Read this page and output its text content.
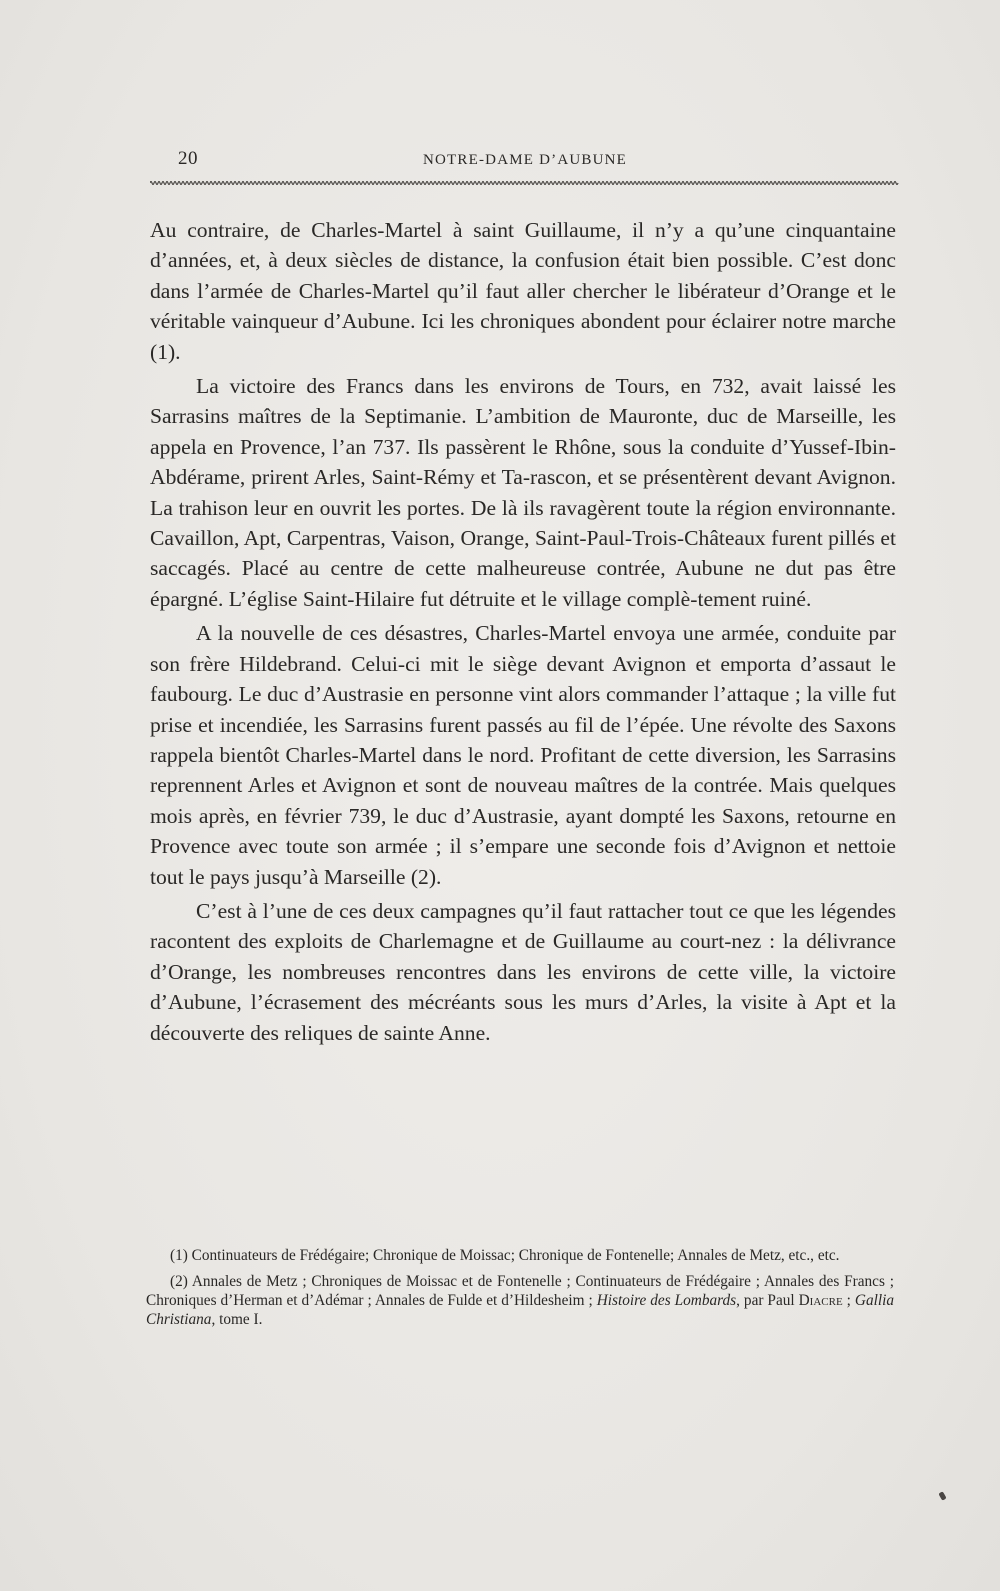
20	NOTRE-DAME D’AUBUNE

Au contraire, de Charles-Martel à saint Guillaume, il n’y a qu’une cinquantaine d’années, et, à deux siècles de distance, la confusion était bien possible. C’est donc dans l’armée de Charles-Martel qu’il faut aller chercher le libérateur d’Orange et le véritable vainqueur d’Aubune. Ici les chroniques abondent pour éclairer notre marche (1).

La victoire des Francs dans les environs de Tours, en 732, avait laissé les Sarrasins maîtres de la Septimanie. L’ambition de Mauronte, duc de Marseille, les appela en Provence, l’an 737. Ils passèrent le Rhône, sous la conduite d’Yussef-Ibin-Abdérame, prirent Arles, Saint-Rémy et Ta-rascon, et se présentèrent devant Avignon. La trahison leur en ouvrit les portes. De là ils ravagèrent toute la région environnante. Cavaillon, Apt, Carpentras, Vaison, Orange, Saint-Paul-Trois-Châteaux furent pillés et saccagés. Placé au centre de cette malheureuse contrée, Aubune ne dut pas être épargné. L’église Saint-Hilaire fut détruite et le village complè-tement ruiné.

A la nouvelle de ces désastres, Charles-Martel envoya une armée, conduite par son frère Hildebrand. Celui-ci mit le siège devant Avignon et emporta d’assaut le faubourg. Le duc d’Austrasie en personne vint alors commander l’attaque ; la ville fut prise et incendiée, les Sarrasins furent passés au fil de l’épée. Une révolte des Saxons rappela bientôt Charles-Martel dans le nord. Profitant de cette diversion, les Sarrasins reprennent Arles et Avignon et sont de nouveau maîtres de la contrée. Mais quelques mois après, en février 739, le duc d’Austrasie, ayant dompté les Saxons, retourne en Provence avec toute son armée ; il s’empare une seconde fois d’Avignon et nettoie tout le pays jusqu’à Marseille (2).

C’est à l’une de ces deux campagnes qu’il faut rattacher tout ce que les légendes racontent des exploits de Charlemagne et de Guillaume au court-nez : la délivrance d’Orange, les nombreuses rencontres dans les environs de cette ville, la victoire d’Aubune, l’écrasement des mécréants sous les murs d’Arles, la visite à Apt et la découverte des reliques de sainte Anne.

(1) Continuateurs de Frédégaire; Chronique de Moissac; Chronique de Fontenelle; Annales de Metz, etc., etc.

(2) Annales de Metz ; Chroniques de Moissac et de Fontenelle ; Continuateurs de Frédégaire ; Annales des Francs ; Chroniques d’Herman et d’Adémar ; Annales de Fulde et d’Hildesheim ; Histoire des Lombards, par Paul Diacre ; Gallia Christiana, tome I.
